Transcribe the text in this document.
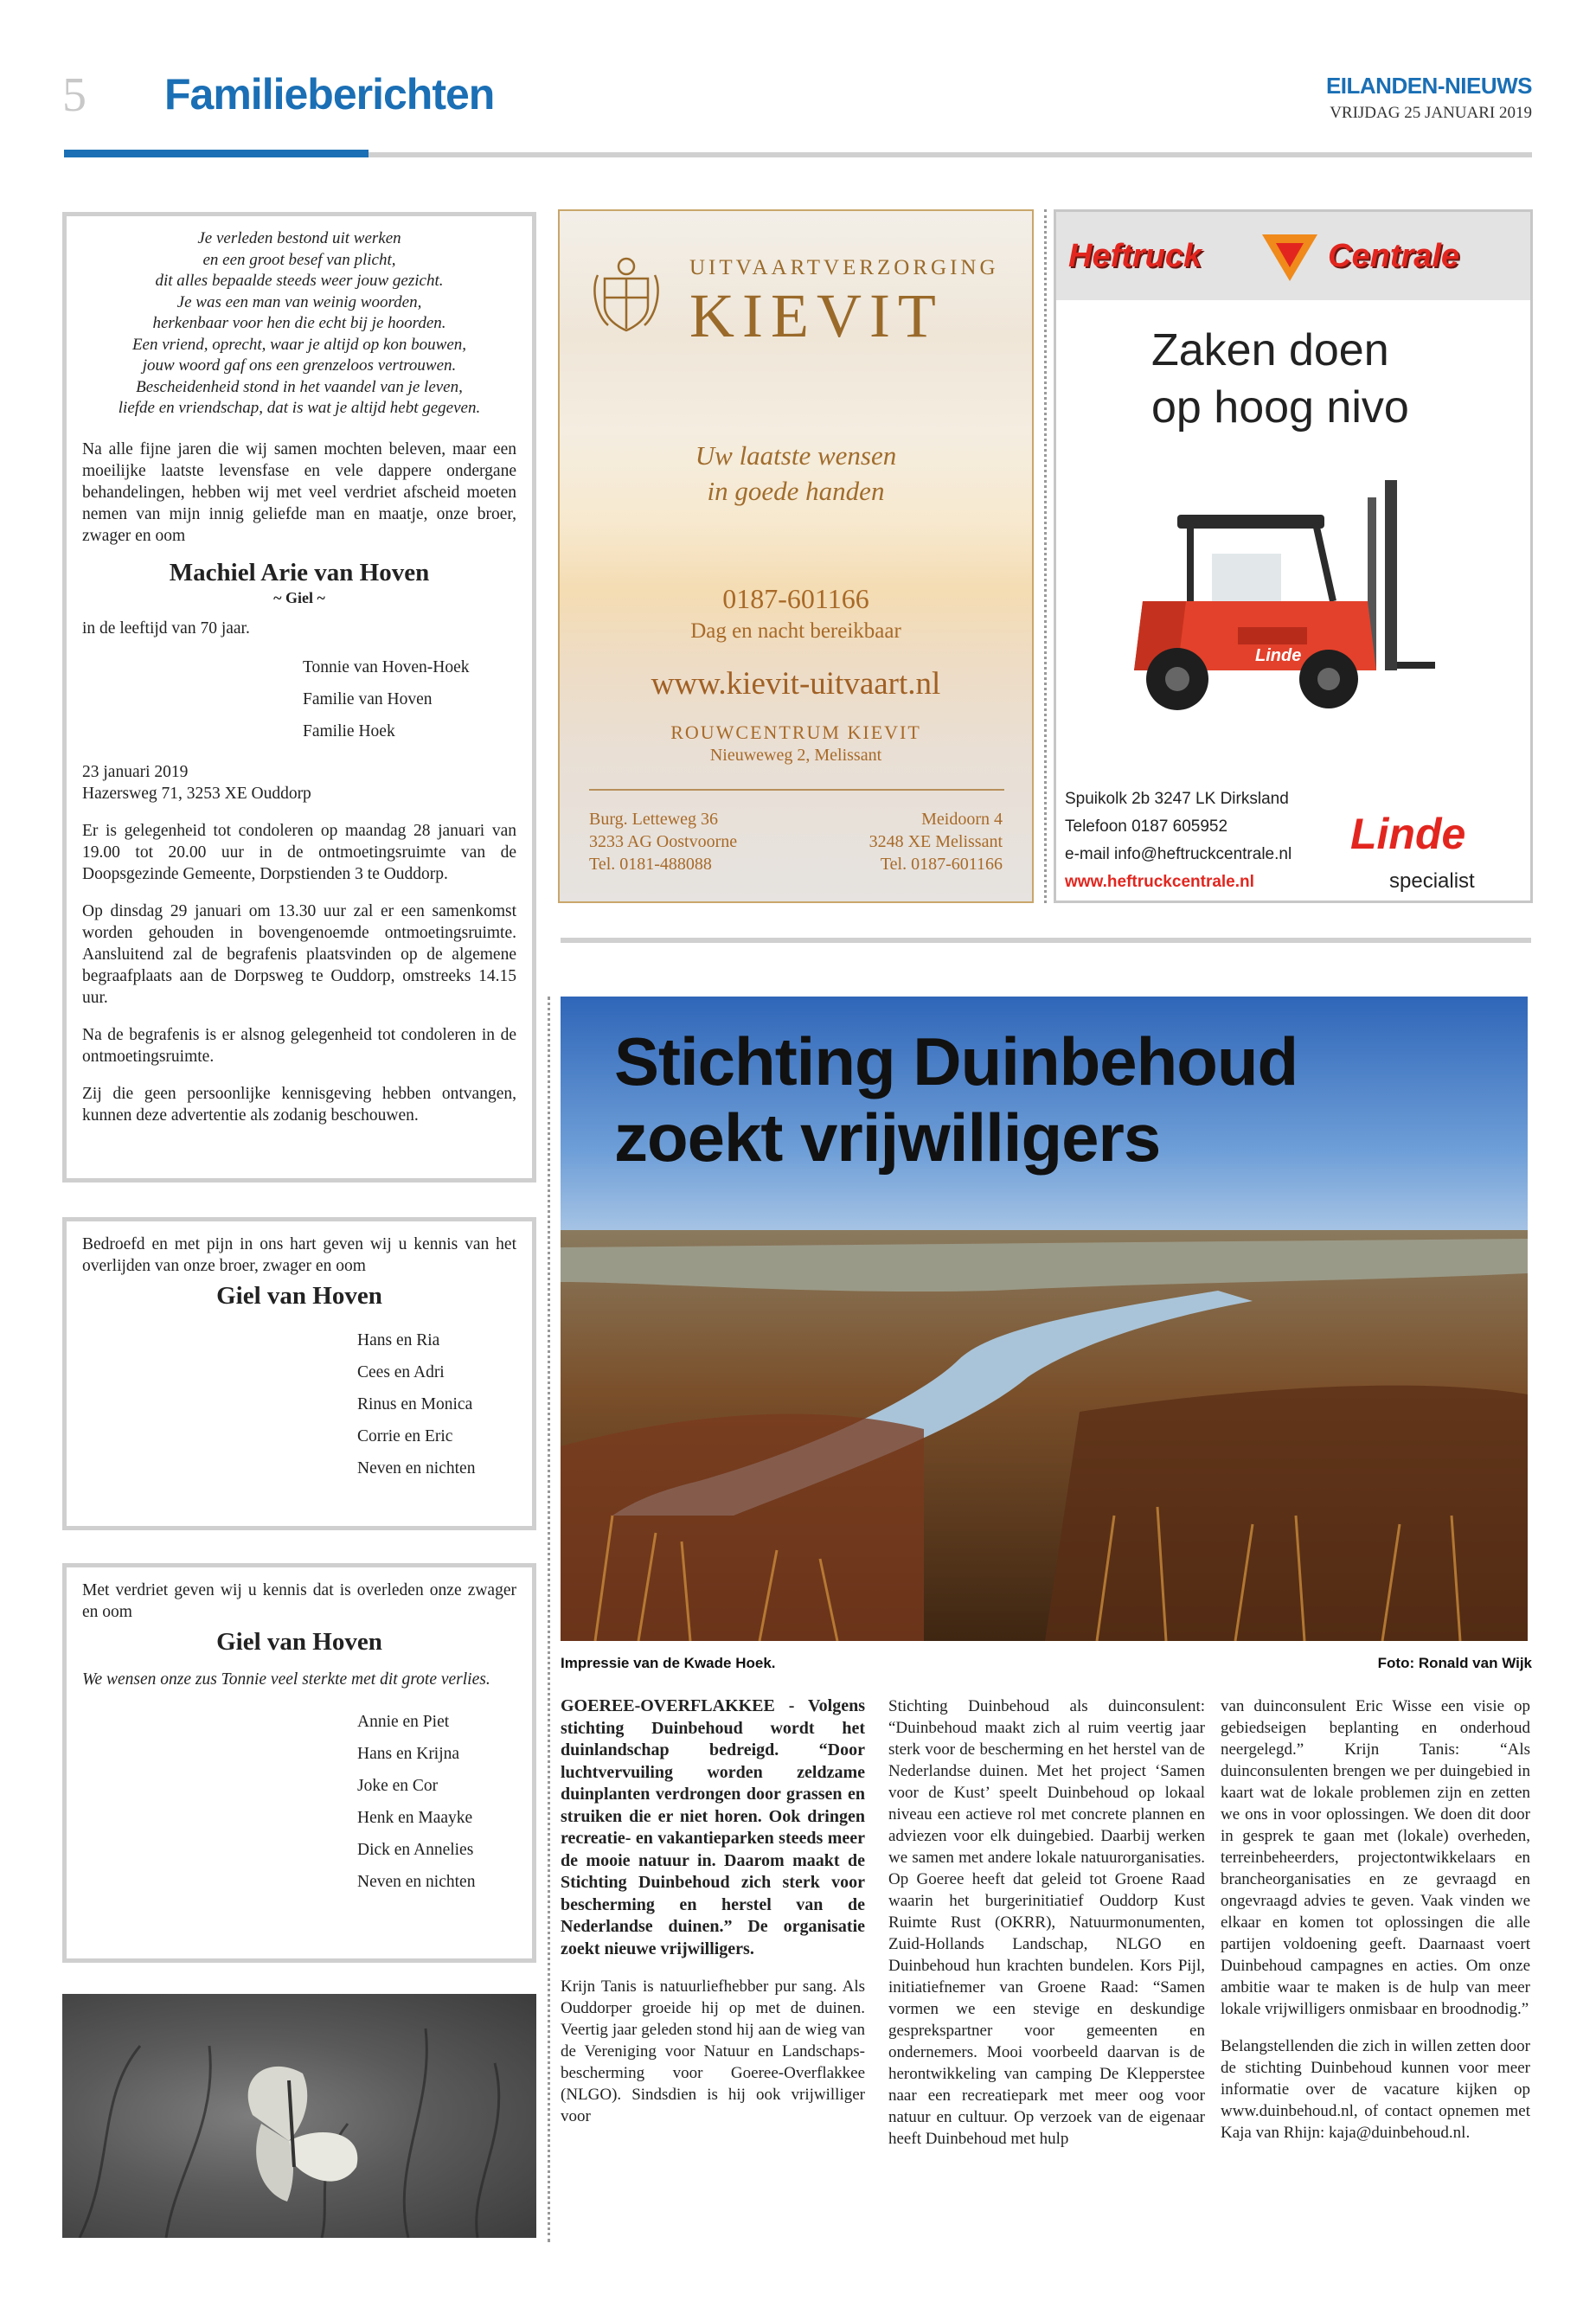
5 Familieberichten	EILANDEN-NIEUWS
VRIJDAG 25 JANUARI 2019
Je verleden bestond uit werken
en een groot besef van plicht,
dit alles bepaalde steeds weer jouw gezicht.
Je was een man van weinig woorden,
herkenbaar voor hen die echt bij je hoorden.
Een vriend, oprecht, waar je altijd op kon bouwen,
jouw woord gaf ons een grenzeloos vertrouwen.
Bescheidenheid stond in het vaandel van je leven,
liefde en vriendschap, dat is wat je altijd hebt gegeven.

Na alle fijne jaren die wij samen mochten beleven, maar een moeilijke laatste levensfase en vele dappere ondergane behandelingen, hebben wij met veel verdriet afscheid moeten nemen van mijn innig geliefde man en maatje, onze broer, zwager en oom

Machiel Arie van Hoven
~ Giel ~
in de leeftijd van 70 jaar.
Tonnie van Hoven-Hoek
Familie van Hoven
Familie Hoek
23 januari 2019
Hazersweg 71, 3253 XE Ouddorp

Er is gelegenheid tot condoleren op maandag 28 januari van 19.00 tot 20.00 uur in de ontmoetingsruimte van de Doopsgezinde Gemeente, Dorpstienden 3 te Ouddorp.

Op dinsdag 29 januari om 13.30 uur zal er een samenkomst worden gehouden in bovengenoemde ontmoetingsruimte. Aansluitend zal de begrafenis plaatsvinden op de algemene begraafplaats aan de Dorpsweg te Ouddorp, omstreeks 14.15 uur.

Na de begrafenis is er alsnog gelegenheid tot condoleren in de ontmoetingsruimte.

Zij die geen persoonlijke kennisgeving hebben ontvangen, kunnen deze advertentie als zodanig beschouwen.

Bedroefd en met pijn in ons hart geven wij u kennis van het overlijden van onze broer, zwager en oom

Giel van Hoven
Hans en Ria
Cees en Adri
Rinus en Monica
Corrie en Eric
Neven en nichten

Met verdriet geven wij u kennis dat is overleden onze zwager en oom

Giel van Hoven

We wensen onze zus Tonnie veel sterkte met dit grote verlies.

Annie en Piet
Hans en Krijna
Joke en Cor
Henk en Maayke
Dick en Annelies
Neven en nichten
UITVAARTVERZORGING
KIEVIT
Uw laatste wensen
in goede handen
0187-601166
Dag en nacht bereikbaar
www.kievit-uitvaart.nl
ROUWCENTRUM KIEVIT
Nieuweweg 2, Melissant
Burg. Letteweg 36
3233 AG Oostvoorne
Tel. 0181-488088
Meidoorn 4
3248 XE Melissant
Tel. 0187-601166
Heftruck	Centrale
Zaken doen
op hoog nivo
Linde
Spuikolk 2b 3247 LK Dirksland
Telefoon 0187 605952
e-mail info@heftruckcentrale.nl
www.heftruckcentrale.nl
Linde
specialist
Stichting Duinbehoud
zoekt vrijwilligers
Impressie van de Kwade Hoek.	Foto: Ronald van Wijk

GOEREE-OVERFLAKKEE - Volgens stichting Duinbehoud wordt het duinlandschap bedreigd. “Door luchtvervuiling worden zeldzame duinplanten verdrongen door grassen en struiken die er niet horen. Ook dringen recreatie- en vakantieparken steeds meer de mooie natuur in. Daarom maakt de Stichting Duinbehoud zich sterk voor bescherming en herstel van de Nederlandse duinen.” De organisatie zoekt nieuwe vrijwilligers.

Krijn Tanis is natuurliefhebber pur sang. Als Ouddorper groeide hij op met de duinen. Veertig jaar geleden stond hij aan de wieg van de Vereniging voor Natuur en Landschaps-bescherming voor Goeree-Overflakkee (NLGO). Sindsdien is hij ook vrijwilliger voor

Stichting Duinbehoud als duinconsulent: “Duinbehoud maakt zich al ruim veertig jaar sterk voor de bescherming en het herstel van de Nederlandse duinen. Met het project ‘Samen voor de Kust’ speelt Duinbehoud op lokaal niveau een actieve rol met concrete plannen en adviezen voor elk duingebied. Daarbij werken we samen met andere lokale natuurorganisaties. Op Goeree heeft dat geleid tot Groene Raad waarin het burgerinitiatief Ouddorp Kust Ruimte Rust (OKRR), Natuurmonumenten, Zuid-Hollands Landschap, NLGO en Duinbehoud hun krachten bundelen. Kors Pijl, initiatiefnemer van Groene Raad: “Samen vormen we een stevige en deskundige gesprekspartner voor gemeenten en ondernemers. Mooi voorbeeld daarvan is de herontwikkeling van camping De Klepperstee naar een recreatiepark met meer oog voor natuur en cultuur. Op verzoek van de eigenaar heeft Duinbehoud met hulp

van duinconsulent Eric Wisse een visie op gebiedseigen beplanting en onderhoud neergelegd.” Krijn Tanis: “Als duinconsulenten brengen we per duingebied in kaart wat de lokale problemen zijn en zetten we ons in voor oplossingen. We doen dit door in gesprek te gaan met (lokale) overheden, terreinbeheerders, projectontwikkelaars en brancheorganisaties en ze gevraagd en ongevraagd advies te geven. Vaak vinden we elkaar en komen tot oplossingen die alle partijen voldoening geeft. Daarnaast voert Duinbehoud campagnes en acties. Om onze ambitie waar te maken is de hulp van meer lokale vrijwilligers onmisbaar en broodnodig.”

Belangstellenden die zich in willen zetten door de stichting Duinbehoud kunnen voor meer informatie over de vacature kijken op www.duinbehoud.nl, of contact opnemen met Kaja van Rhijn: kaja@duinbehoud.nl.
